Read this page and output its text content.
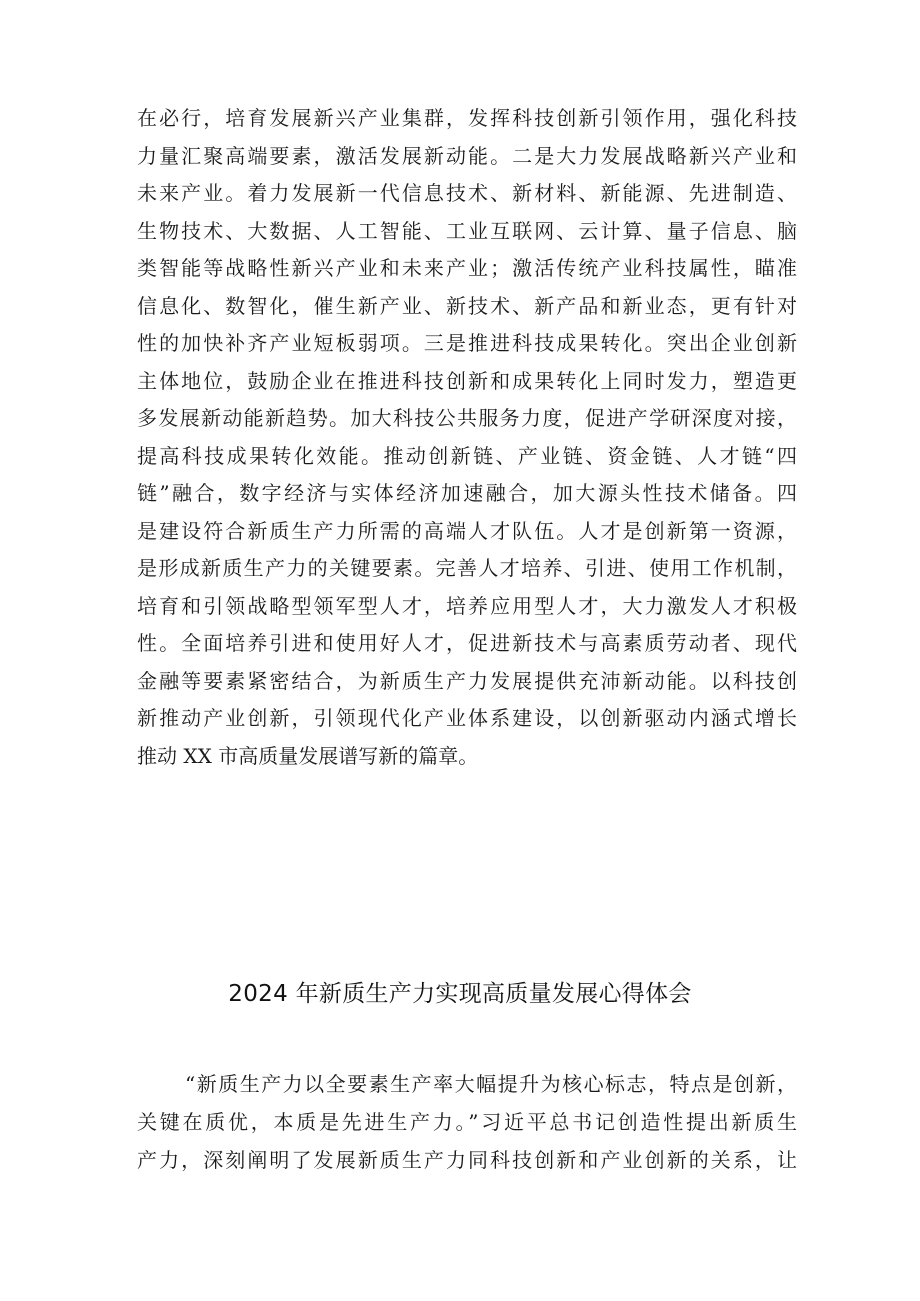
在必行，培育发展新兴产业集群，发挥科技创新引领作用，强化科技
力量汇聚高端要素，激活发展新动能。二是大力发展战略新兴产业和
未来产业。着力发展新一代信息技术、新材料、新能源、先进制造、
生物技术、大数据、人工智能、工业互联网、云计算、量子信息、脑
类智能等战略性新兴产业和未来产业；激活传统产业科技属性，瞄准
信息化、数智化，催生新产业、新技术、新产品和新业态，更有针对
性的加快补齐产业短板弱项。三是推进科技成果转化。突出企业创新
主体地位，鼓励企业在推进科技创新和成果转化上同时发力，塑造更
多发展新动能新趋势。加大科技公共服务力度，促进产学研深度对接，
提高科技成果转化效能。推动创新链、产业链、资金链、人才链“四
链”融合，数字经济与实体经济加速融合，加大源头性技术储备。四
是建设符合新质生产力所需的高端人才队伍。人才是创新第一资源，
是形成新质生产力的关键要素。完善人才培养、引进、使用工作机制，
培育和引领战略型领军型人才，培养应用型人才，大力激发人才积极
性。全面培养引进和使用好人才，促进新技术与高素质劳动者、现代
金融等要素紧密结合，为新质生产力发展提供充沛新动能。以科技创
新推动产业创新，引领现代化产业体系建设，以创新驱动内涵式增长
推动 XX 市高质量发展谱写新的篇章。
2024 年新质生产力实现高质量发展心得体会
“新质生产力以全要素生产率大幅提升为核心标志，特点是创新，
关键在质优，本质是先进生产力。”习近平总书记创造性提出新质生
产力，深刻阐明了发展新质生产力同科技创新和产业创新的关系，让
